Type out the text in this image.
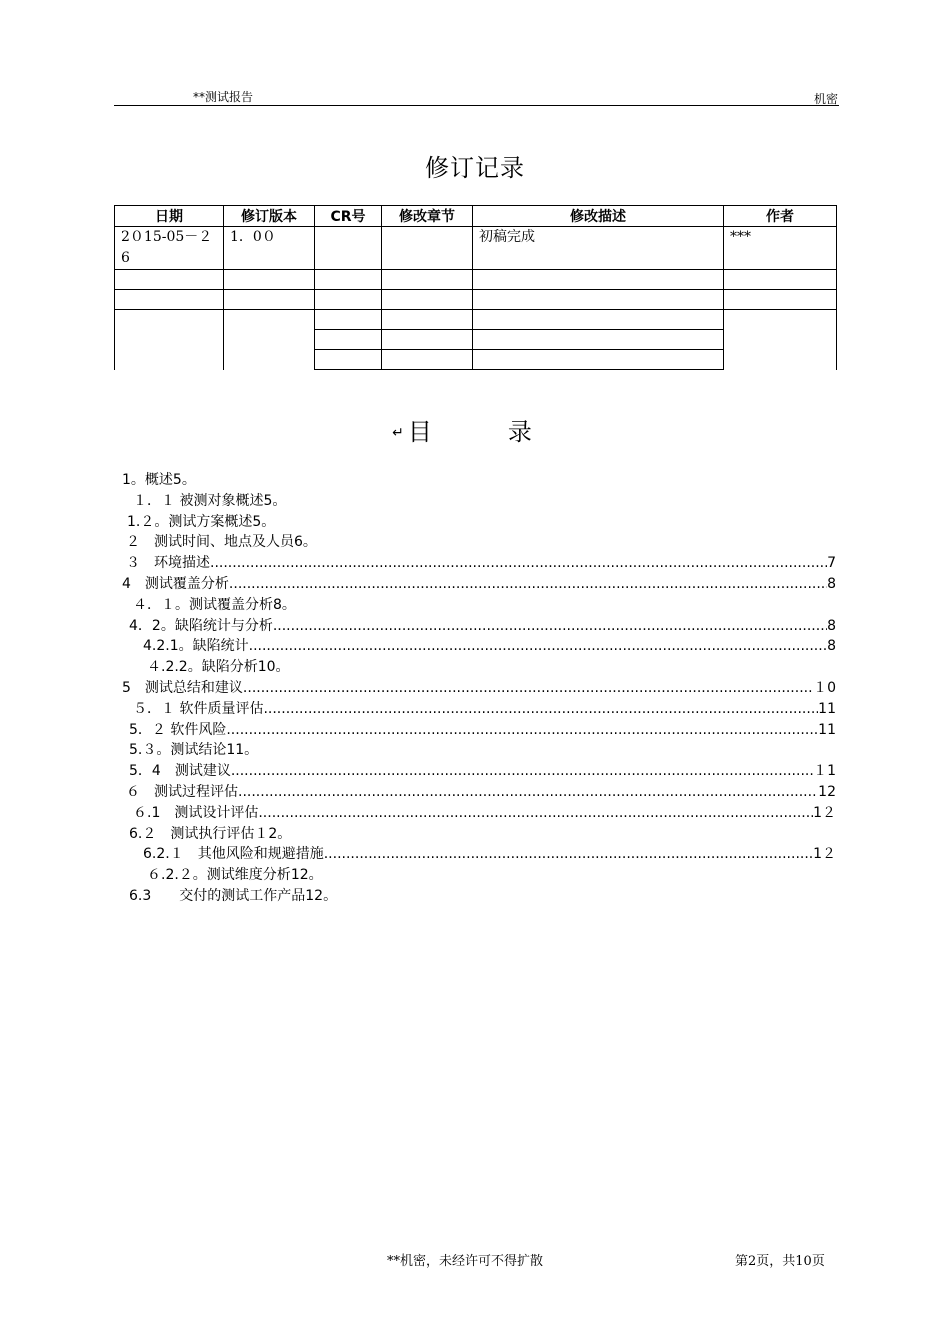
**测试报告	机密
修订记录
日期	修订版本	CR号	修改章节	修改描述	作者
2０15-05－２6	1．0０			初稿完成	***

↵ 目　录
1。概述 5。
１．１ 被测对象概述 5。
1.２。测试方案概述 5。
２　测试时间、地点及人员 6。
３　环境描述 .....	7
4　测试覆盖分析 .....	8
４．１。测试覆盖分析 8。
4．2。缺陷统计与分析 .....	8
4.2.1。缺陷统计 .....	8
４.2.2。缺陷分析 10。
5　测试总结和建议 .....	１0
５．１ 软件质量评估 .....	11
5．２ 软件风险 .....	11
5.３。测试结论 11。
5．4　测试建议 .....	１1
６　测试过程评估 .....	12
６.1　测试设计评估 .....	1２
6.２　测试执行评估 １2。
6.2.１　其他风险和规避措施 .....	1２
６.2.２。测试维度分析 12。
6.3　　交付的测试工作产品 12。
**机密，未经许可不得扩散	第2页，共10页
